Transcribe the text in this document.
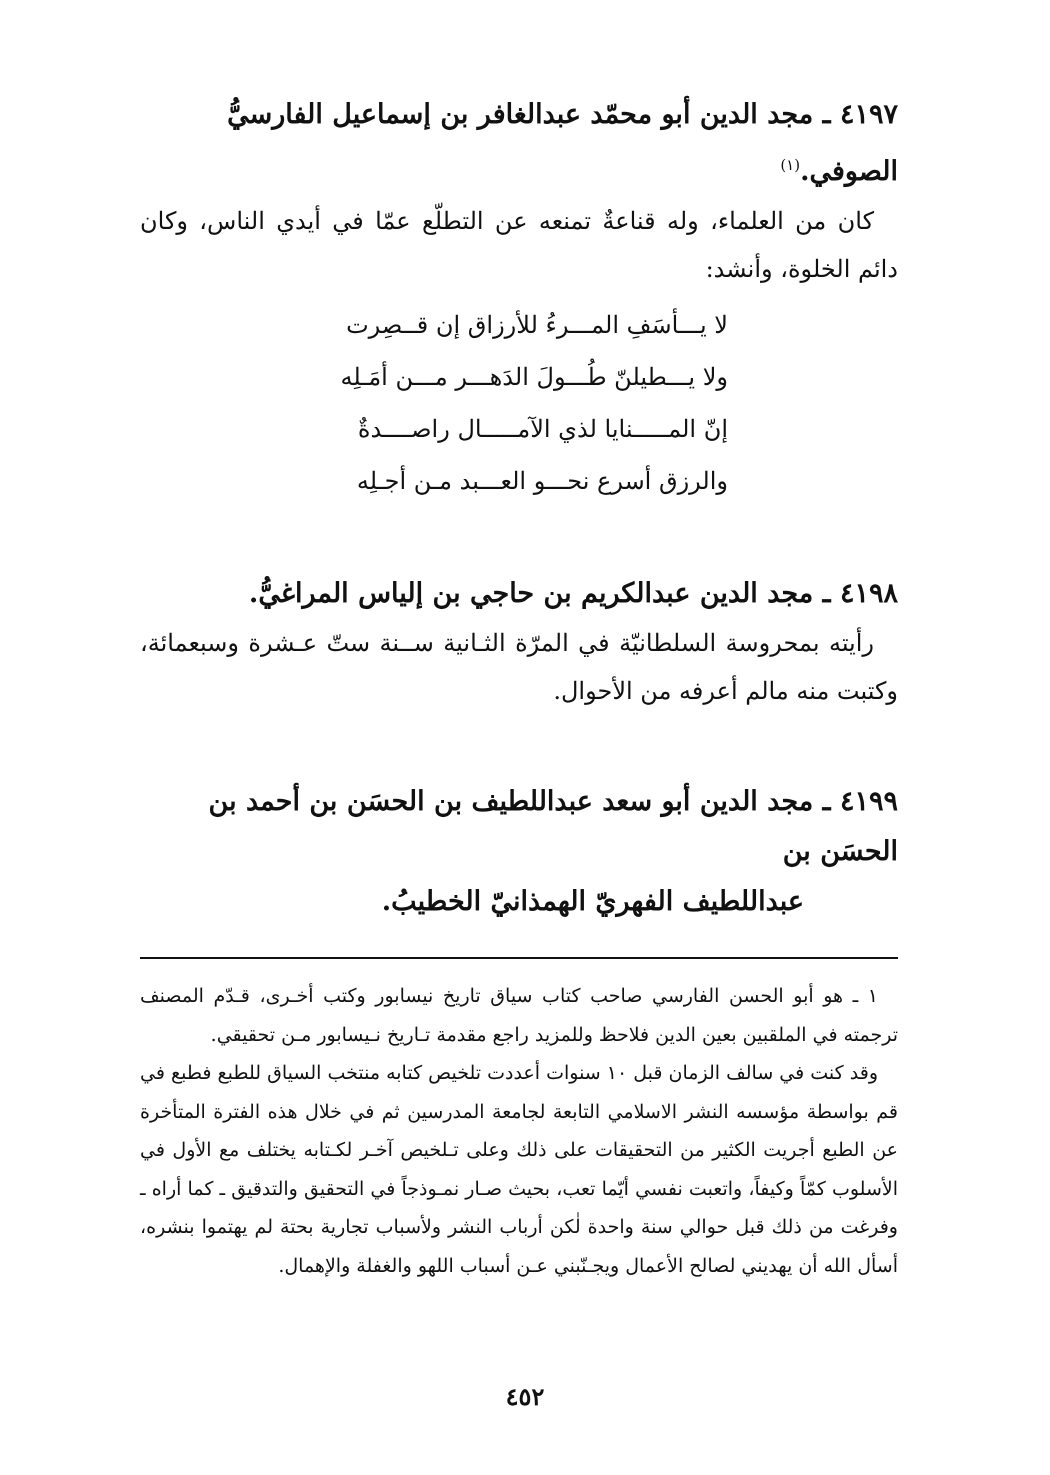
٤١٩٧ ـ مجد الدين أبو محمّد عبدالغافر بن إسماعيل الفارسيُّ الصوفي.$^{(١)}$

كان من العلماء، وله قناعةٌ تمنعه عن التطلّع عمّا في أيدي الناس، وكان دائم الخلوة، وأنشد:

لا يـــأسَفِ المـــرءُ للأرزاق إن قــصِرت
ولا يـــطيلنّ طُـــولَ الدَهـــر مـــن أمَـلِه
إنّ المـــــنايا لذي الآمـــــال راصــــدةٌ
والرزق أسرع نحـــو العـــبد مـن أجـلِه

٤١٩٨ ـ مجد الدين عبدالكريم بن حاجي بن إلياس المراغيُّ.

رأيته بمحروسة السلطانيّة في المرّة الثـانية ســنة ستّ عـشرة وسبعمائة، وكتبت منه مالم أعرفه من الأحوال.

٤١٩٩ ـ مجد الدين أبو سعد عبداللطيف بن الحسَن بن أحمد بن الحسَن بن

عبداللطيف الفهريّ الهمذانيّ الخطيبُ.

١ ـ هو أبو الحسن الفارسي صاحب كتاب سياق تاريخ نيسابور وكتب أخـرى، قـدّم المصنف ترجمته في الملقبين بعين الدين فلاحظ وللمزيد راجع مقدمة تـاريخ نـيسابور مـن تحقيقي.

وقد كنت في سالف الزمان قبل ١٠ سنوات أعددت تلخيص كتابه منتخب السياق للطبع فطبع في قم بواسطة مؤسسه النشر الاسلامي التابعة لجامعة المدرسين ثم في خلال هذه الفترة المتأخرة عن الطبع أجريت الكثير من التحقيقات على ذلك وعلى تـلخيص آخـر لكـتابه يختلف مع الأول في الأسلوب كمّاً وكيفاً، واتعبت نفسي أيّما تعب، بحيث صـار نمـوذجاً في التحقيق والتدقيق ـ كما أراه ـ وفرغت من ذلك قبل حوالي سنة واحدة لٰكن أرباب النشر ولأسباب تجارية بحتة لم يهتموا بنشره، أسأل الله أن يهديني لصالح الأعمال ويجـنّبني عـن أسباب اللهو والغفلة والإهمال.

٤٥٢
